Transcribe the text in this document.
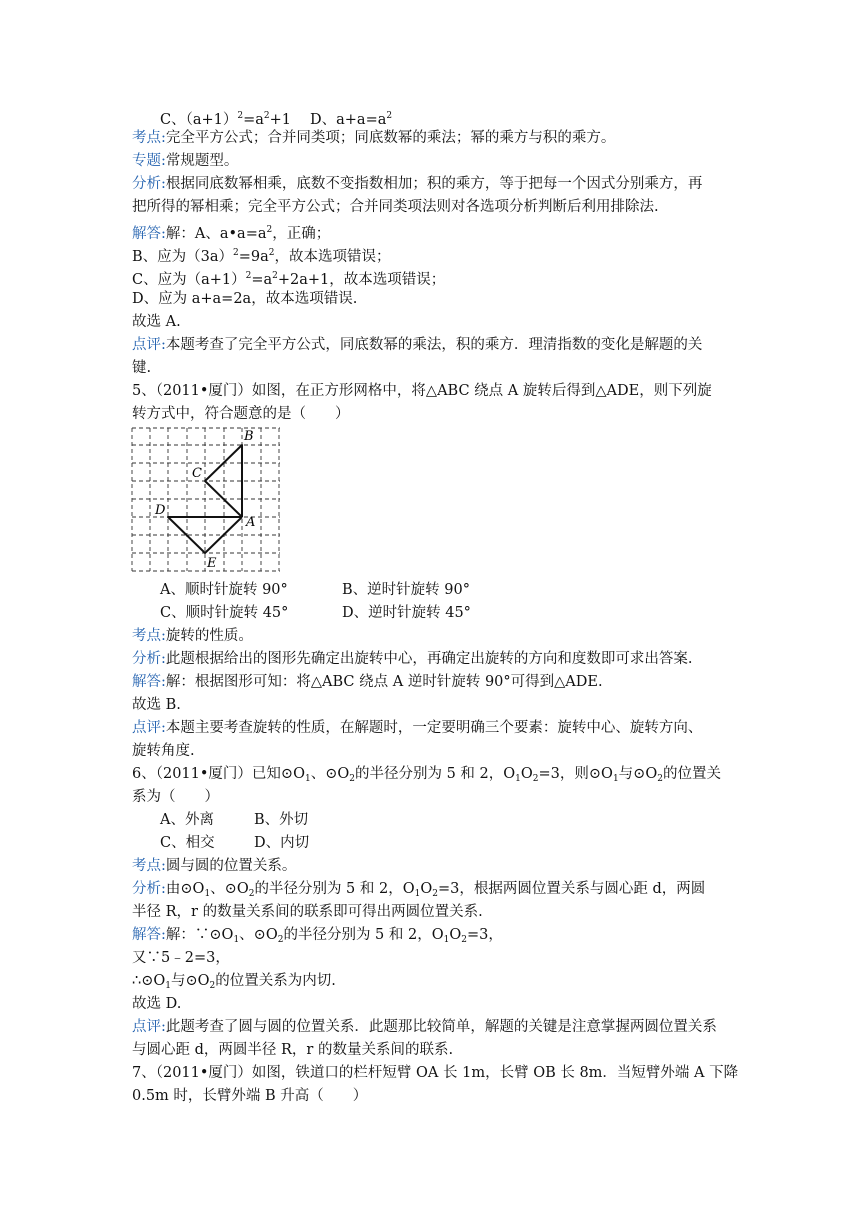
C、$(a+1)^2=a^2+1$ D、$a+a=a^2$
考点:完全平方公式；合并同类项；同底数幂的乘法；幂的乘方与积的乘方。
专题:常规题型。
分析:根据同底数幂相乘，底数不变指数相加；积的乘方，等于把每一个因式分别乘方，再
把所得的幂相乘；完全平方公式；合并同类项法则对各选项分析判断后利用排除法.
解答:解：A、$a•a=a^2$，正确；
B、应为$(3a)^2=9a^2$，故本选项错误；
C、应为$(a+1)^2=a^2+2a+1$，故本选项错误；
D、应为 a+a=2a，故本选项错误.
故选 A.
点评:本题考查了完全平方公式，同底数幂的乘法，积的乘方．理清指数的变化是解题的关
键.
5、（2011•厦门）如图，在正方形网格中，将△ABC 绕点 A 旋转后得到△ADE，则下列旋
转方式中，符合题意的是（　　）
B
C
D
A
E
A、顺时针旋转 90°	B、逆时针旋转 90°
C、顺时针旋转 45°	D、逆时针旋转 45°
考点:旋转的性质。
分析:此题根据给出的图形先确定出旋转中心，再确定出旋转的方向和度数即可求出答案.
解答:解：根据图形可知：将△ABC 绕点 A 逆时针旋转 90°可得到△ADE.
故选 B.
点评:本题主要考查旋转的性质，在解题时，一定要明确三个要素：旋转中心、旋转方向、
旋转角度.
6、（2011•厦门）已知$⊙O_1$、$⊙O_2$的半径分别为 5 和 2，$O_1O_2=3$，则$⊙O_1$与$⊙O_2$的位置关
系为（　　）
A、外离	B、外切
C、相交	D、内切
考点:圆与圆的位置关系。
分析:由$⊙O_1$、$⊙O_2$的半径分别为 5 和 2，$O_1O_2=3$，根据两圆位置关系与圆心距 d，两圆
半径 R，r 的数量关系间的联系即可得出两圆位置关系.
解答:解：$\because⊙O_1$、$⊙O_2$的半径分别为 5 和 2，$O_1O_2=3$，
又∵5﹣2=3，
$\therefore⊙O_1$与$⊙O_2$的位置关系为内切.
故选 D.
点评:此题考查了圆与圆的位置关系．此题那比较简单，解题的关键是注意掌握两圆位置关系
与圆心距 d，两圆半径 R，r 的数量关系间的联系.
7、（2011•厦门）如图，铁道口的栏杆短臂 OA 长 1m，长臂 OB 长 8m．当短臂外端 A 下降
0.5m 时，长臂外端 B 升高（　　）
